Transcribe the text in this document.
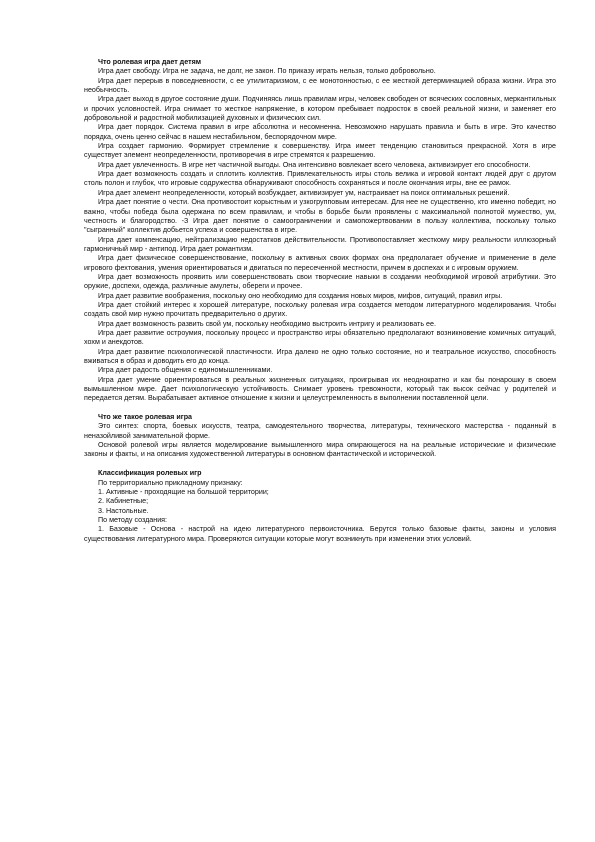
Что ролевая игра дает детям

Игра дает свободу. Игра не задача, не долг, не закон. По приказу играть нельзя, только добровольно.

Игра дает перерыв в повседневности, с ее утилитаризмом, с ее монотонностью, с ее жесткой детерминацией образа жизни. Игра это необычность.

Игра дает выход в другое состояние души. Подчиняясь лишь правилам игры, человек свободен от всяческих сословных, меркантильных и прочих условностей. Игра снимает то жесткое напряжение, в котором пребывает подросток в своей реальной жизни, и заменяет его добровольной и радостной мобилизацией духовных и физических сил.

Игра дает порядок. Система правил в игре абсолютна и несомненна. Невозможно нарушать правила и быть в игре. Это качество порядка, очень ценно сейчас в нашем нестабильном, беспорядочном мире.

Игра создает гармонию. Формирует стремление к совершенству. Игра имеет тенденцию становиться прекрасной. Хотя в игре существует элемент неопределенности, противоречия в игре стремятся к разрешению.

Игра дает увлеченность. В игре нет частичной выгоды. Она интенсивно вовлекает всего человека, активизирует его способности.

Игра дает возможность создать и сплотить коллектив. Привлекательность игры столь велика и игровой контакт людей друг с другом столь полон и глубок, что игровые содружества обнаруживают способность сохраняться и после окончания игры, вне ее рамок.

Игра дает элемент неопределенности, который возбуждает, активизирует ум, настраивает на поиск оптимальных решений.

Игра дает понятие о чести. Она противостоит корыстным и узкогрупповым интересам. Для нее не существенно, кто именно победит, но важно, чтобы победа была одержана по всем правилам, и чтобы в борьбе были проявлены с максимальной полнотой мужество, ум, честность и благородство. -З Игра дает понятие о самоограничении и самопожертвовании в пользу коллектива, поскольку только "сыгранный" коллектив добьется успеха и совершенства в игре.

Игра дает компенсацию, нейтрализацию недостатков действительности. Противопоставляет жесткому миру реальности иллюзорный гармоничный мир - антипод. Игра дает романтизм.

Игра дает физическое совершенствование, поскольку в активных своих формах она предполагает обучение и применение в деле игрового фехтования, умения ориентироваться и двигаться по пересеченной местности, причем в доспехах и с игровым оружием.

Игра дает возможность проявить или совершенствовать свои творческие навыки в создании необходимой игровой атрибутики. Это оружие, доспехи, одежда, различные амулеты, обереги и прочее.

Игра дает развитие воображения, поскольку оно необходимо для создания новых миров, мифов, ситуаций, правил игры.

Игра дает стойкий интерес к хорошей литературе, поскольку ролевая игра создается методом литературного моделирования. Чтобы создать свой мир нужно прочитать предварительно о других.

Игра дает возможность развить свой ум, поскольку необходимо выстроить интригу и реализовать ее.

Игра дает развитие остроумия, поскольку процесс и пространство игры обязательно предполагают возникновение комичных ситуаций, хохм и анекдотов.

Игра дает развитие психологической пластичности. Игра далеко не одно только состояние, но и театральное искусство, способность вживаться в образ и доводить его до конца.

Игра дает радость общения с единомышленниками.

Игра дает умение ориентироваться в реальных жизненных ситуациях, проигрывая их неоднократно и как бы понарошку в своем вымышленном мире. Дает психологическую устойчивость. Снимает уровень тревожности, который так высок сейчас у родителей и передается детям. Вырабатывает активное отношение к жизни и целеустремленность в выполнении поставленной цели.

Что же такое ролевая игра

Это синтез: спорта, боевых искусств, театра, самодеятельного творчества, литературы, технического мастерства - поданный в неназойливой занимательной форме.

Основой ролевой игры является моделирование вымышленного мира опирающегося на на реальные исторические и физические законы и факты, и на описания художественной литературы в основном фантастической и исторической.

Классификация ролевых игр

По территориально прикладному признаку:

1. Активные - проходящие на большой территории;

2. Кабинетные;

3. Настольные.

По методу создания:

1. Базовые - Основа - настрой на идею литературного первоисточника. Берутся только базовые факты, законы и условия существования литературного мира. Проверяются ситуации которые могут возникнуть при изменении этих условий.
